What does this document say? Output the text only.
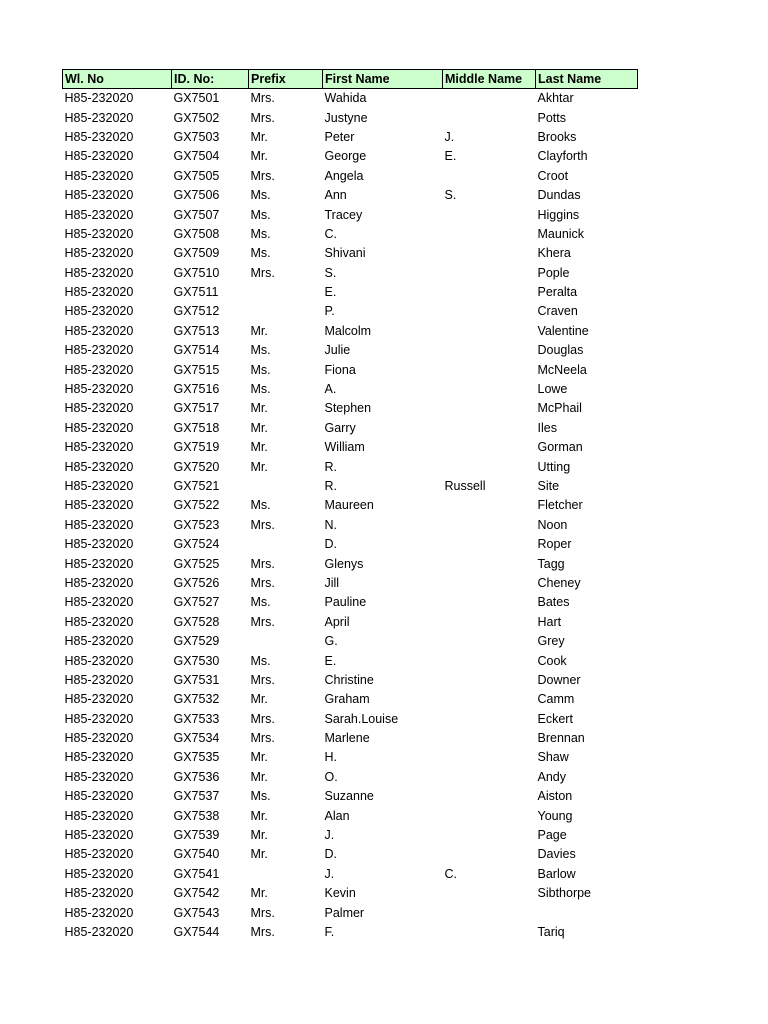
Wl. No	ID. No:	Prefix	First Name	Middle Name	Last Name
H85-232020	GX7501	Mrs.	Wahida		Akhtar
H85-232020	GX7502	Mrs.	Justyne		Potts
H85-232020	GX7503	Mr.	Peter	J.	Brooks
H85-232020	GX7504	Mr.	George	E.	Clayforth
H85-232020	GX7505	Mrs.	Angela		Croot
H85-232020	GX7506	Ms.	Ann	S.	Dundas
H85-232020	GX7507	Ms.	Tracey		Higgins
H85-232020	GX7508	Ms.	C.		Maunick
H85-232020	GX7509	Ms.	Shivani		Khera
H85-232020	GX7510	Mrs.	S.		Pople
H85-232020	GX7511		E.		Peralta
H85-232020	GX7512		P.		Craven
H85-232020	GX7513	Mr.	Malcolm		Valentine
H85-232020	GX7514	Ms.	Julie		Douglas
H85-232020	GX7515	Ms.	Fiona		McNeela
H85-232020	GX7516	Ms.	A.		Lowe
H85-232020	GX7517	Mr.	Stephen		McPhail
H85-232020	GX7518	Mr.	Garry		Iles
H85-232020	GX7519	Mr.	William		Gorman
H85-232020	GX7520	Mr.	R.		Utting
H85-232020	GX7521		R.	Russell	Site
H85-232020	GX7522	Ms.	Maureen		Fletcher
H85-232020	GX7523	Mrs.	N.		Noon
H85-232020	GX7524		D.		Roper
H85-232020	GX7525	Mrs.	Glenys		Tagg
H85-232020	GX7526	Mrs.	Jill		Cheney
H85-232020	GX7527	Ms.	Pauline		Bates
H85-232020	GX7528	Mrs.	April		Hart
H85-232020	GX7529		G.		Grey
H85-232020	GX7530	Ms.	E.		Cook
H85-232020	GX7531	Mrs.	Christine		Downer
H85-232020	GX7532	Mr.	Graham		Camm
H85-232020	GX7533	Mrs.	Sarah.Louise		Eckert
H85-232020	GX7534	Mrs.	Marlene		Brennan
H85-232020	GX7535	Mr.	H.		Shaw
H85-232020	GX7536	Mr.	O.		Andy
H85-232020	GX7537	Ms.	Suzanne		Aiston
H85-232020	GX7538	Mr.	Alan		Young
H85-232020	GX7539	Mr.	J.		Page
H85-232020	GX7540	Mr.	D.		Davies
H85-232020	GX7541		J.	C.	Barlow
H85-232020	GX7542	Mr.	Kevin		Sibthorpe
H85-232020	GX7543	Mrs.	Palmer		
H85-232020	GX7544	Mrs.	F.		Tariq
